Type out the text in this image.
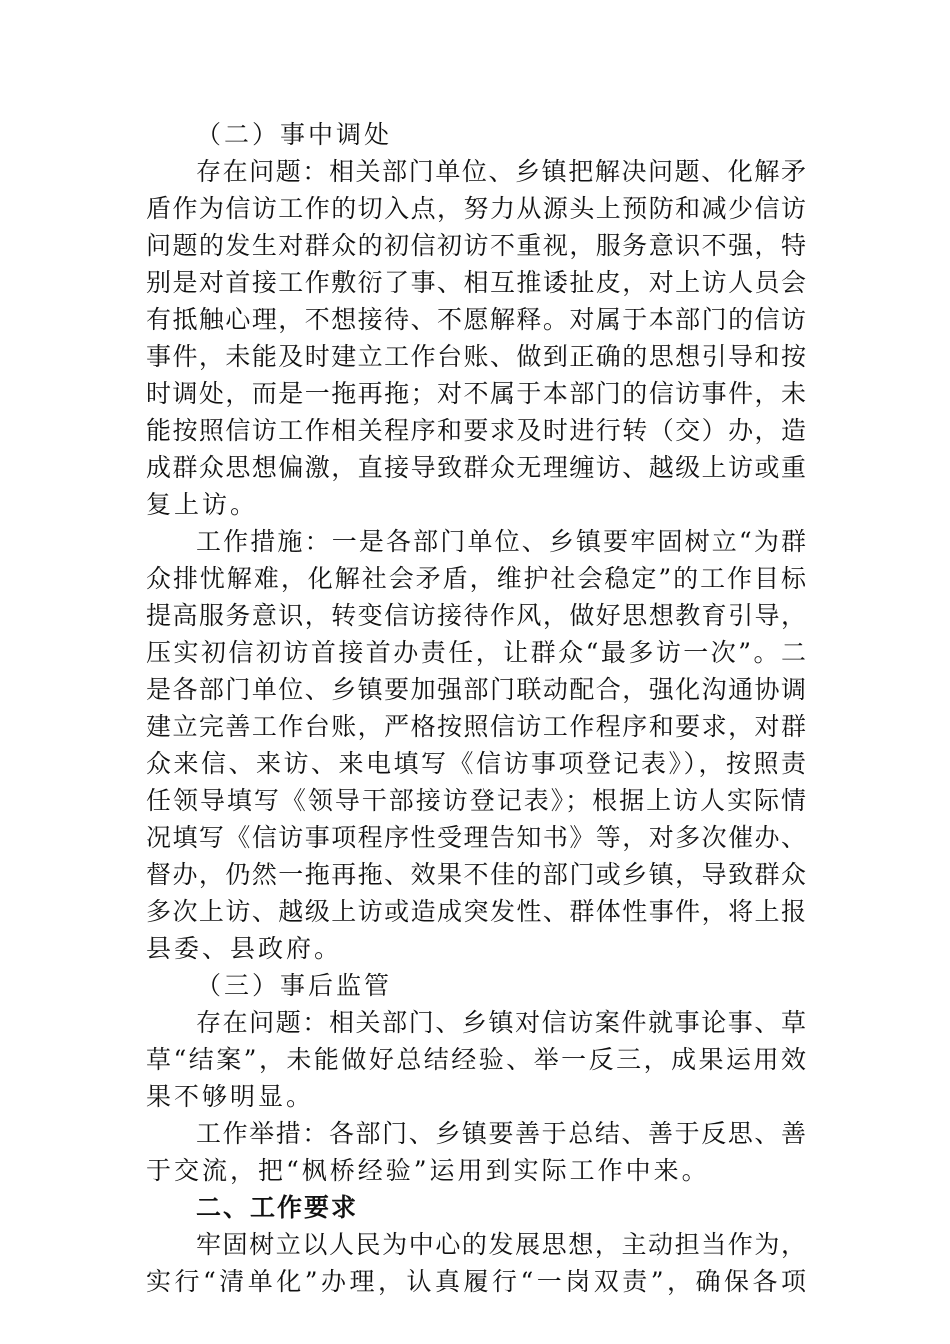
（二）事中调处
存在问题：相关部门单位、乡镇把解决问题、化解矛
盾作为信访工作的切入点，努力从源头上预防和减少信访
问题的发生对群众的初信初访不重视，服务意识不强，特
别是对首接工作敷衍了事、相互推诿扯皮，对上访人员会
有抵触心理，不想接待、不愿解释。对属于本部门的信访
事件，未能及时建立工作台账、做到正确的思想引导和按
时调处，而是一拖再拖；对不属于本部门的信访事件，未
能按照信访工作相关程序和要求及时进行转（交）办，造
成群众思想偏激，直接导致群众无理缠访、越级上访或重
复上访。
工作措施：一是各部门单位、乡镇要牢固树立“为群
众排忧解难，化解社会矛盾，维护社会稳定”的工作目标
提高服务意识，转变信访接待作风，做好思想教育引导，
压实初信初访首接首办责任，让群众“最多访一次”。二
是各部门单位、乡镇要加强部门联动配合，强化沟通协调
建立完善工作台账，严格按照信访工作程序和要求，对群
众来信、来访、来电填写《信访事项登记表》），按照责
任领导填写《领导干部接访登记表》；根据上访人实际情
况填写《信访事项程序性受理告知书》等，对多次催办、
督办，仍然一拖再拖、效果不佳的部门或乡镇，导致群众
多次上访、越级上访或造成突发性、群体性事件，将上报
县委、县政府。
（三）事后监管
存在问题：相关部门、乡镇对信访案件就事论事、草
草“结案”，未能做好总结经验、举一反三，成果运用效
果不够明显。
工作举措：各部门、乡镇要善于总结、善于反思、善
于交流，把“枫桥经验”运用到实际工作中来。
二、工作要求
牢固树立以人民为中心的发展思想，主动担当作为，
实行“清单化”办理，认真履行“一岗双责”，确保各项
